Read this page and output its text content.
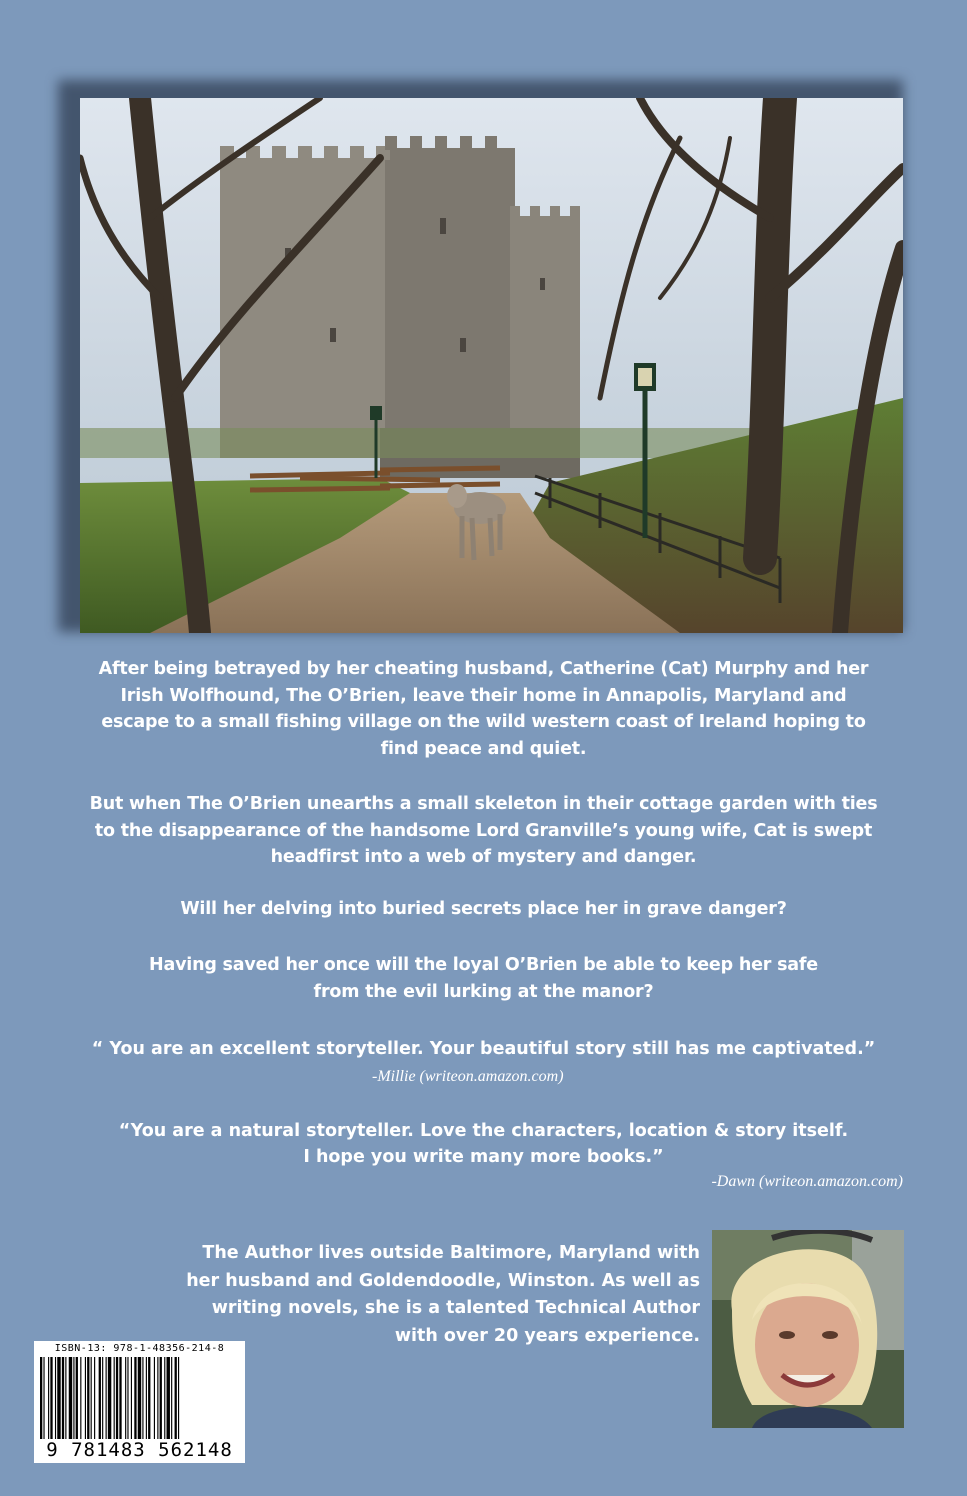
After being betrayed by her cheating husband, Catherine (Cat) Murphy and her Irish Wolfhound, The O’Brien, leave their home in Annapolis, Maryland and escape to a small fishing village on the wild western coast of Ireland hoping to find peace and quiet.

But when The O’Brien unearths a small skeleton in their cottage garden with ties to the disappearance of the handsome Lord Granville’s young wife, Cat is swept headfirst into a web of mystery and danger.

Will her delving into buried secrets place her in grave danger?

Having saved her once will the loyal O’Brien be able to keep her safe

from the evil lurking at the manor?

“ You are an excellent storyteller. Your beautiful story still has me captivated.”
-Millie (writeon.amazon.com)
“You are a natural storyteller. Love the characters, location & story itself.
I hope you write many more books.”
-Dawn (writeon.amazon.com)
The Author lives outside Baltimore, Maryland with
her husband and Goldendoodle, Winston. As well as
writing novels, she is a talented Technical Author
with over 20 years experience.
ISBN-13: 978-1-48356-214-8
9 781483 562148
